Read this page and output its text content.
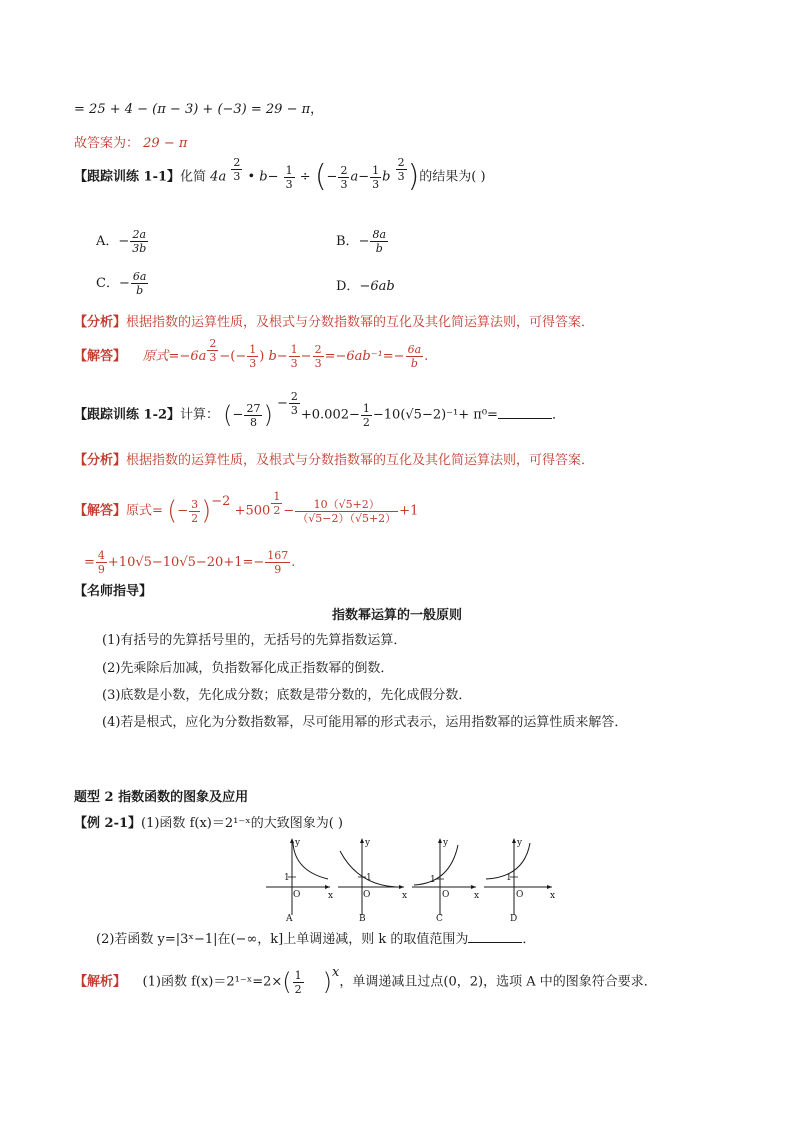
= 25 + 4 − (π − 3) + (−3) = 29 − π，
故答案为： 29 − π
【跟踪训练 1-1】化简 $4a \frac{2}{3}$ • $b- \frac{1}{3}$ ÷ (− $\frac{2}{3} a- \frac{1}{3}$ b $\frac{2}{3}$ )的结果为( )
A．− $\frac{2a}{3b}$	B．− $\frac{8a}{b}$
C．− $\frac{6a}{b}$	D．−6ab
【分析】根据指数的运算性质，及根式与分数指数幂的互化及其化简运算法则，可得答案．
【解答】 原式$=-6a \frac{2}{3}$ −(− $\frac{1}{3}$ ) $b- \frac{1}{3} - \frac{2}{3} =-6ab^{-1}=- \frac{6a}{b}$ .
【跟踪训练 1-2】计算： (− $\frac{27}{8}$ ) − $\frac{2}{3} +0.002- \frac{1}{2} -10(√5-2)^{-1}+ \pi^0=$	．
【分析】根据指数的运算性质，及根式与分数指数幂的互化及其化简运算法则，可得答案．
【解答】原式= (− $\frac{3}{2} )-2 +500 \frac{1}{2} - \frac{10(√5+2)}{(√5-2)(√5+2)} +1$
= $\frac{4}{9} +10√5-10√5-20+1=- \frac{167}{9}$ .
【名师指导】
指数幂运算的一般原则
(1)有括号的先算括号里的，无括号的先算指数运算．
(2)先乘除后加减，负指数幂化成正指数幂的倒数．
(3)底数是小数，先化成分数；底数是带分数的，先化成假分数．
(4)若是根式，应化为分数指数幂，尽可能用幂的形式表示，运用指数幂的运算性质来解答．
题型 2 指数函数的图象及应用
【例 2-1】(1)函数 f(x)＝2¹⁻ˣ的大致图象为( )
y
x
O
1
A
y
x
O
1
B
y
x
O
1
C
y
x
O
1
D
(2)若函数 y=|3ˣ−1|在(−∞，k]上单调递减，则 k 的取值范围为	．
【解析】 (1)函数 f(x)＝2¹⁻ˣ=2×( $\frac{1}{2} )x$，单调递减且过点(0，2)，选项 A 中的图象符合要求．
